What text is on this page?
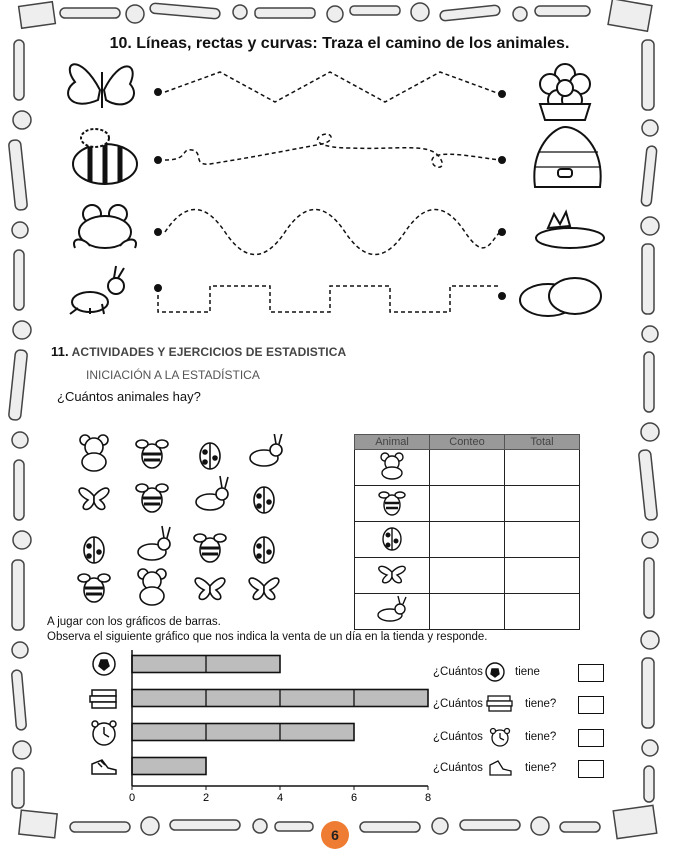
10. Líneas, rectas y curvas: Traza el camino de los animales.
11. ACTIVIDADES Y EJERCICIOS DE ESTADISTICA
INICIACIÓN A LA ESTADÍSTICA
¿Cuántos animales hay?
Animal	Conteo	Total

A jugar con los gráficos de barras.
Observa el siguiente gráfico que nos indica la venta de un día en la tienda y responde.
0	2	4	6	8
¿Cuántos	tiene
¿Cuántos	tiene?
¿Cuántos	tiene?
¿Cuántos	tiene?
6
